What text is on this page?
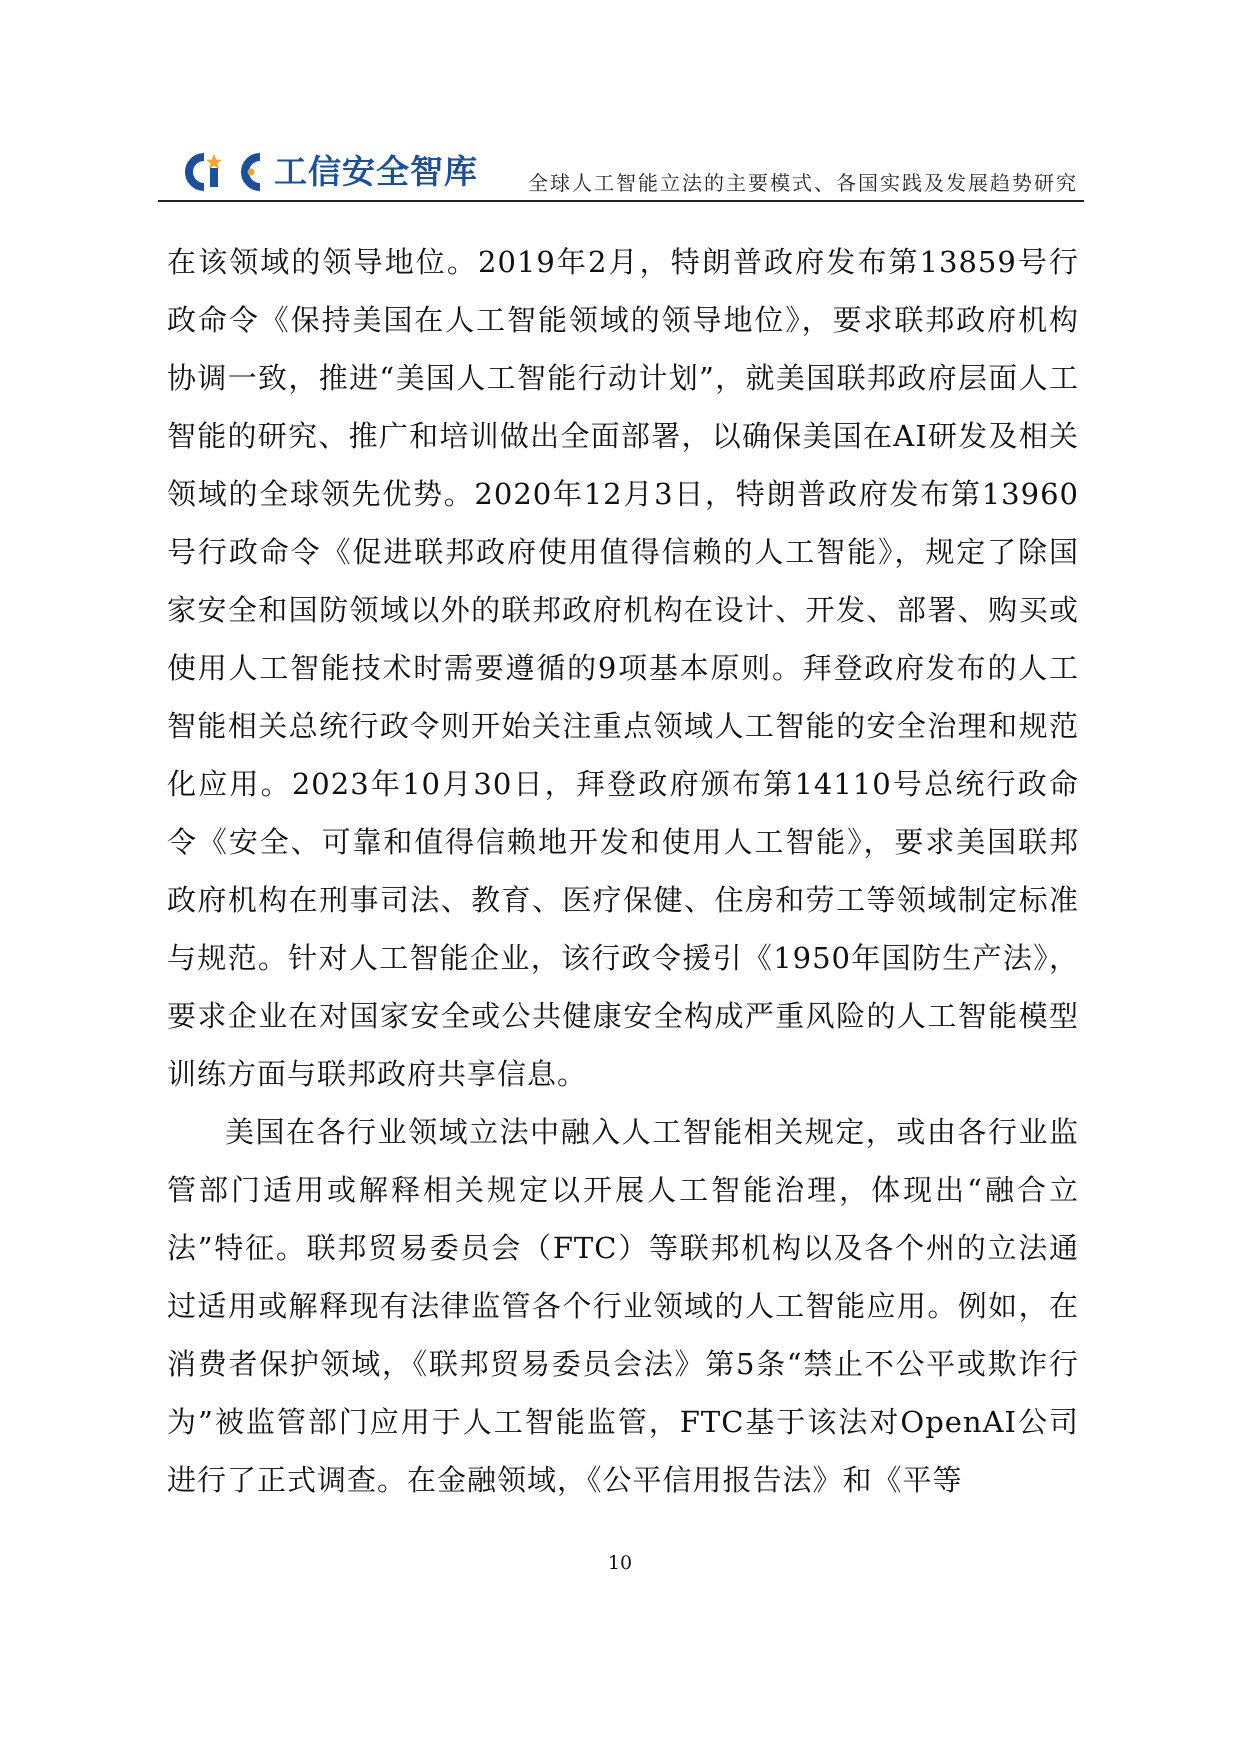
工信安全智库	全球人工智能立法的主要模式、各国实践及发展趋势研究

在该领域的领导地位。2019年2月，特朗普政府发布第13859号行政命令《保持美国在人工智能领域的领导地位》，要求联邦政府机构协调一致，推进“美国人工智能行动计划”，就美国联邦政府层面人工智能的研究、推广和培训做出全面部署，以确保美国在AI研发及相关领域的全球领先优势。2020年12月3日，特朗普政府发布第13960号行政命令《促进联邦政府使用值得信赖的人工智能》，规定了除国家安全和国防领域以外的联邦政府机构在设计、开发、部署、购买或使用人工智能技术时需要遵循的9项基本原则。拜登政府发布的人工智能相关总统行政令则开始关注重点领域人工智能的安全治理和规范化应用。2023年10月30日，拜登政府颁布第14110号总统行政命令《安全、可靠和值得信赖地开发和使用人工智能》，要求美国联邦政府机构在刑事司法、教育、医疗保健、住房和劳工等领域制定标准与规范。针对人工智能企业，该行政令援引《1950年国防生产法》，要求企业在对国家安全或公共健康安全构成严重风险的人工智能模型训练方面与联邦政府共享信息。

美国在各行业领域立法中融入人工智能相关规定，或由各行业监管部门适用或解释相关规定以开展人工智能治理，体现出“融合立法”特征。联邦贸易委员会（FTC）等联邦机构以及各个州的立法通过适用或解释现有法律监管各个行业领域的人工智能应用。例如，在消费者保护领域，《联邦贸易委员会法》第5条“禁止不公平或欺诈行为”被监管部门应用于人工智能监管，FTC基于该法对OpenAI公司进行了正式调查。在金融领域，《公平信用报告法》和《平等

10
